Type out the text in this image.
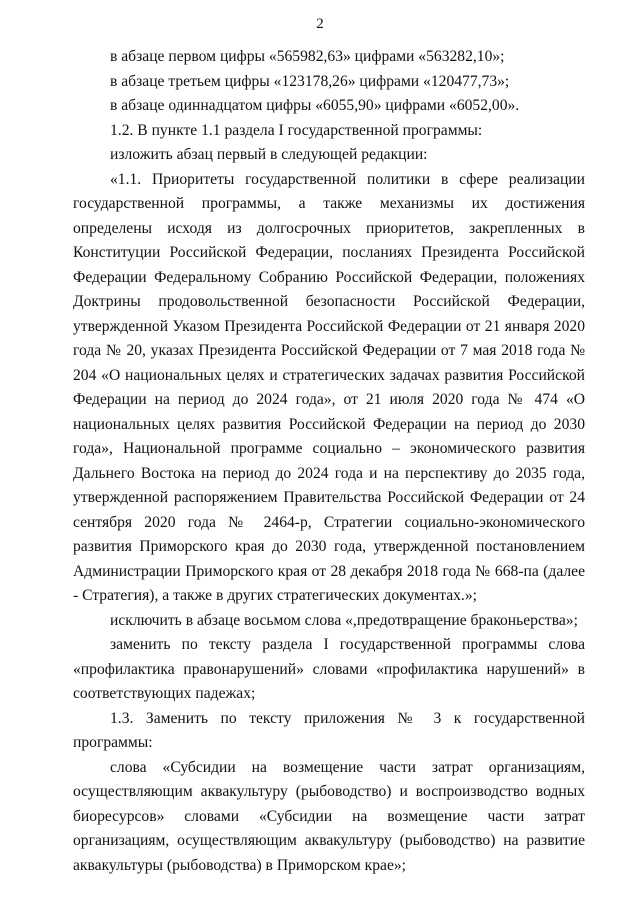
2

в абзаце первом цифры «565982,63» цифрами «563282,10»;

в абзаце третьем цифры «123178,26» цифрами «120477,73»;

в абзаце одиннадцатом цифры «6055,90» цифрами «6052,00».

1.2. В пункте 1.1 раздела I государственной программы:

изложить абзац первый в следующей редакции:

«1.1. Приоритеты государственной политики в сфере реализации государственной программы, а также механизмы их достижения определены исходя из долгосрочных приоритетов, закрепленных в Конституции Российской Федерации, посланиях Президента Российской Федерации Федеральному Собранию Российской Федерации, положениях Доктрины продовольственной безопасности Российской Федерации, утвержденной Указом Президента Российской Федерации от 21 января 2020 года № 20, указах Президента Российской Федерации от 7 мая 2018 года № 204 «О национальных целях и стратегических задачах развития Российской Федерации на период до 2024 года», от 21 июля 2020 года № 474 «О национальных целях развития Российской Федерации на период до 2030 года», Национальной программе социально – экономического развития Дальнего Востока на период до 2024 года и на перспективу до 2035 года, утвержденной распоряжением Правительства Российской Федерации от 24 сентября 2020 года № 2464-р, Стратегии социально-экономического развития Приморского края до 2030 года, утвержденной постановлением Администрации Приморского края от 28 декабря 2018 года № 668-па (далее - Стратегия), а также в других стратегических документах.»;

исключить в абзаце восьмом слова «,предотвращение браконьерства»;

заменить по тексту раздела I государственной программы слова «профилактика правонарушений» словами «профилактика нарушений» в соответствующих падежах;

1.3. Заменить по тексту приложения № 3 к государственной программы:

слова «Субсидии на возмещение части затрат организациям, осуществляющим аквакультуру (рыбоводство) и воспроизводство водных биоресурсов» словами «Субсидии на возмещение части затрат организациям, осуществляющим аквакультуру (рыбоводство) на развитие аквакультуры (рыбоводства) в Приморском крае»;
